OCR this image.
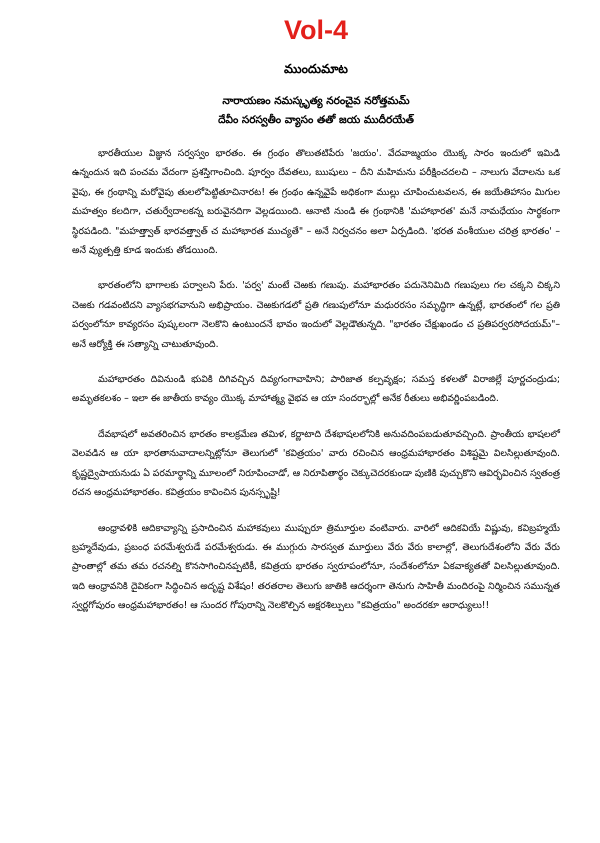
Vol-4
ముందుమాట
నారాయణం నమస్కృత్య నరంచైవ నరోత్తమమ్
దేవీం సరస్వతీం వ్యాసం తతో జయ ముదీరయేత్

భారతీయుల విజ్ఞాన సర్వస్వం భారతం. ఈ గ్రంథం తొలుతటిపేరు 'జయం'. వేదవాఙ్మయం యొక్క సారం ఇందులో ఇమిడి ఉన్నందున ఇది పంచమ వేదంగా ప్రశస్తిగాంచింది. పూర్వం దేవతలు, ఋషులు – దీని మహిమను పరీక్షించదలచి – నాలుగు వేదాలను ఒక వైపు, ఈ గ్రంథాన్ని మరోవైపు తులలోపెట్టితూచినారట! ఈ గ్రంథం ఉన్నవైపే అధికంగా ముల్లు చూపించుటవలన, ఈ జయేతిహాసం మిగుల మహత్వం కలదిగా, చతుర్వేదాలకన్న బరువైనదిగా వెల్లడయింది. ఆనాటి నుండి ఈ గ్రంథానికి 'మహాభారత' మనే నామధేయం సార్థకంగా స్థిరపడింది. "మహత్త్వాత్ భారవత్త్వాత్ చ మహాభారత ముచ్యతే" – అనే నిర్వచనం అలా ఏర్పడింది. 'భరత వంశీయుల చరిత్ర భారతం' – అనే వ్యుత్పత్తి కూడ ఇందుకు తోడయింది.

భారతంలోని భాగాలకు పర్వాలని పేరు. 'పర్వ' మంటే చెఱకు గణుపు. మహాభారతం పదునెనిమిది గణుపులు గల చక్కని చిక్కని చెఱకు గడవంటిదని వ్యాసభగవానుని అభిప్రాయం. చెఱకుగడలో ప్రతి గణుపులోనూ మధురరసం సమృద్ధిగా ఉన్నట్లే, భారతంలో గల ప్రతి పర్వంలోనూ కావ్యరసం పుష్కలంగా నెలకొని ఉంటుందనే భావం ఇందులో వెల్లడౌతున్నది. "భారతం చేక్షుఖండం చ ప్రతిపర్వరసోదయమ్"– అనే ఆర్యోక్తి ఈ సత్యాన్ని చాటుతూవుంది.

మహాభారతం దివినుండి భువికి దిగివచ్చిన దివ్యగంగావాహిని; పారిజాత కల్పవృక్షం; సమస్త కళలతో విరాజిల్లే పూర్ణచంద్రుడు; అమృతకలశం – ఇలా ఈ జాతీయ కావ్యం యొక్క మాహాత్మ్య వైభవ ఆ యా సందర్భాల్లో అనేక రీతులు అభివర్ణింపబడింది.

దేవభాషలో అవతరించిన భారతం కాలక్రమేణ తమిళ, కర్ణాటాది దేశభాషలలోనికి అనువదింపబడుతూవచ్చింది. ప్రాంతీయ భాషలలో వెలవడిన ఆ యా భారతానువాదాలన్నిట్లోనూ తెలుగులో 'కవిత్రయం' వారు రచించిన ఆంధ్రమహాభారతం విశిష్టమై విలసిల్లుతూవుంది. కృష్ణద్వైపాయనుడు ఏ పరమార్థాన్ని మూలంలో నిరూపించాడో, ఆ నిరూపితార్థం చెక్కుచెదరకుండా పుణికి పుచ్చుకొని ఆవిర్భవించిన స్వతంత్ర రచన ఆంధ్రమహాభారతం. కవిత్రయం కావించిన పునస్సృష్టి!

ఆంధ్రావళికి ఆదికావ్యాన్ని ప్రసాదించిన మహాకవులు ముప్పురూ త్రిమూర్తుల వంటివారు. వారిలో ఆదికవియే విష్ణువు, కవిబ్రహ్మయే బ్రహ్మదేవుడు, ప్రబంధ పరమేశ్వరుడే పరమేశ్వరుడు. ఈ ముగ్గురు సారస్వత మూర్తులు వేరు వేరు కాలాల్లో, తెలుగుదేశంలోని వేరు వేరు ప్రాంతాల్లో తమ తమ రచనల్ని కొనసాగించినప్పటికీ, కవిత్రయ భారతం స్వరూపంలోనూ, సందేశంలోనూ ఏకవాక్యతతో విలసిల్లుతూవుంది. ఇది ఆంధ్రావనికి దైవికంగా సిద్ధించిన అదృష్ట విశేషం! తరతరాల తెలుగు జాతికి ఆదర్శంగా తెనుగు సాహితీ మందిరంపై నిర్మించిన సమున్నత స్వర్ణగోపురం ఆంధ్రమహాభారతం! ఆ సుందర గోపురాన్ని నెలకొల్పిన అక్షరశిల్పులు "కవిత్రయం" అందరకూ ఆరాధ్యులు!!
